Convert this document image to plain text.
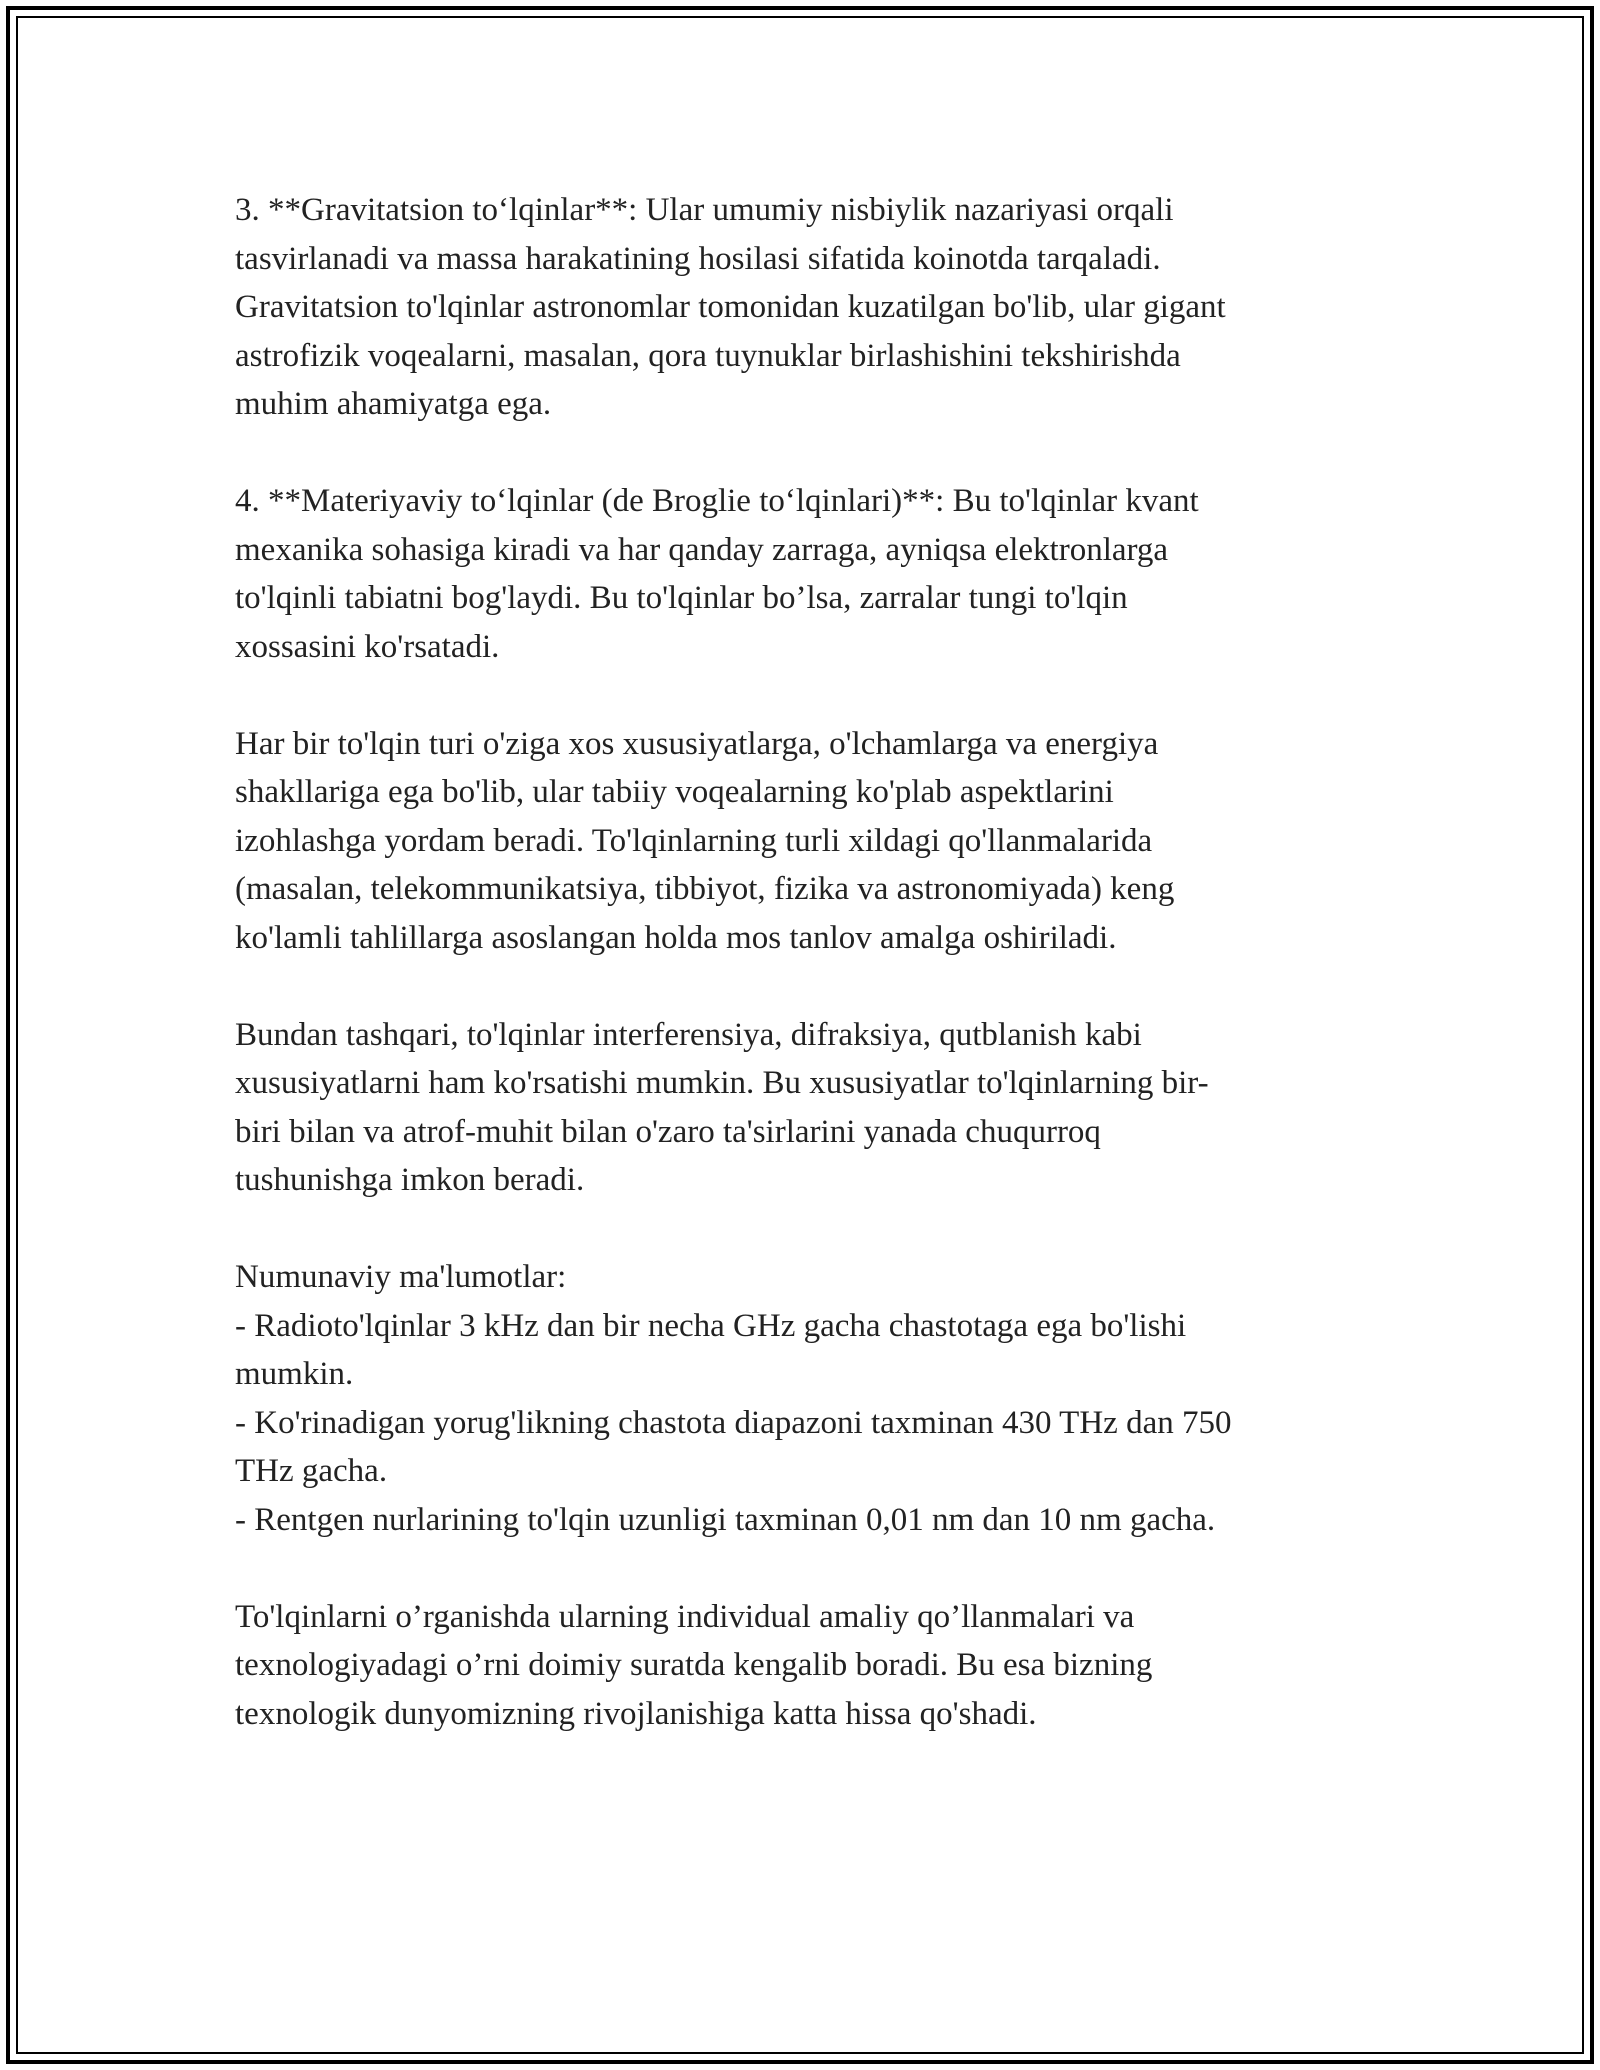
3. **Gravitatsion to‘lqinlar**: Ular umumiy nisbiylik nazariyasi orqali
tasvirlanadi va massa harakatining hosilasi sifatida koinotda tarqaladi.
Gravitatsion to'lqinlar astronomlar tomonidan kuzatilgan bo'lib, ular gigant
astrofizik voqealarni, masalan, qora tuynuklar birlashishini tekshirishda
muhim ahamiyatga ega.

4. **Materiyaviy to‘lqinlar (de Broglie to‘lqinlari)**: Bu to'lqinlar kvant
mexanika sohasiga kiradi va har qanday zarraga, ayniqsa elektronlarga
to'lqinli tabiatni bog'laydi. Bu to'lqinlar bo’lsa, zarralar tungi to'lqin
xossasini ko'rsatadi.

Har bir to'lqin turi o'ziga xos xususiyatlarga, o'lchamlarga va energiya
shakllariga ega bo'lib, ular tabiiy voqealarning ko'plab aspektlarini
izohlashga yordam beradi. To'lqinlarning turli xildagi qo'llanmalarida
(masalan, telekommunikatsiya, tibbiyot, fizika va astronomiyada) keng
ko'lamli tahlillarga asoslangan holda mos tanlov amalga oshiriladi.

Bundan tashqari, to'lqinlar interferensiya, difraksiya, qutblanish kabi
xususiyatlarni ham ko'rsatishi mumkin. Bu xususiyatlar to'lqinlarning bir-
biri bilan va atrof-muhit bilan o'zaro ta'sirlarini yanada chuqurroq
tushunishga imkon beradi.

Numunaviy ma'lumotlar:
- Radioto'lqinlar 3 kHz dan bir necha GHz gacha chastotaga ega bo'lishi
mumkin.
- Ko'rinadigan yorug'likning chastota diapazoni taxminan 430 THz dan 750
THz gacha.
- Rentgen nurlarining to'lqin uzunligi taxminan 0,01 nm dan 10 nm gacha.

To'lqinlarni o’rganishda ularning individual amaliy qo’llanmalari va
texnologiyadagi o’rni doimiy suratda kengalib boradi. Bu esa bizning
texnologik dunyomizning rivojlanishiga katta hissa qo'shadi.
